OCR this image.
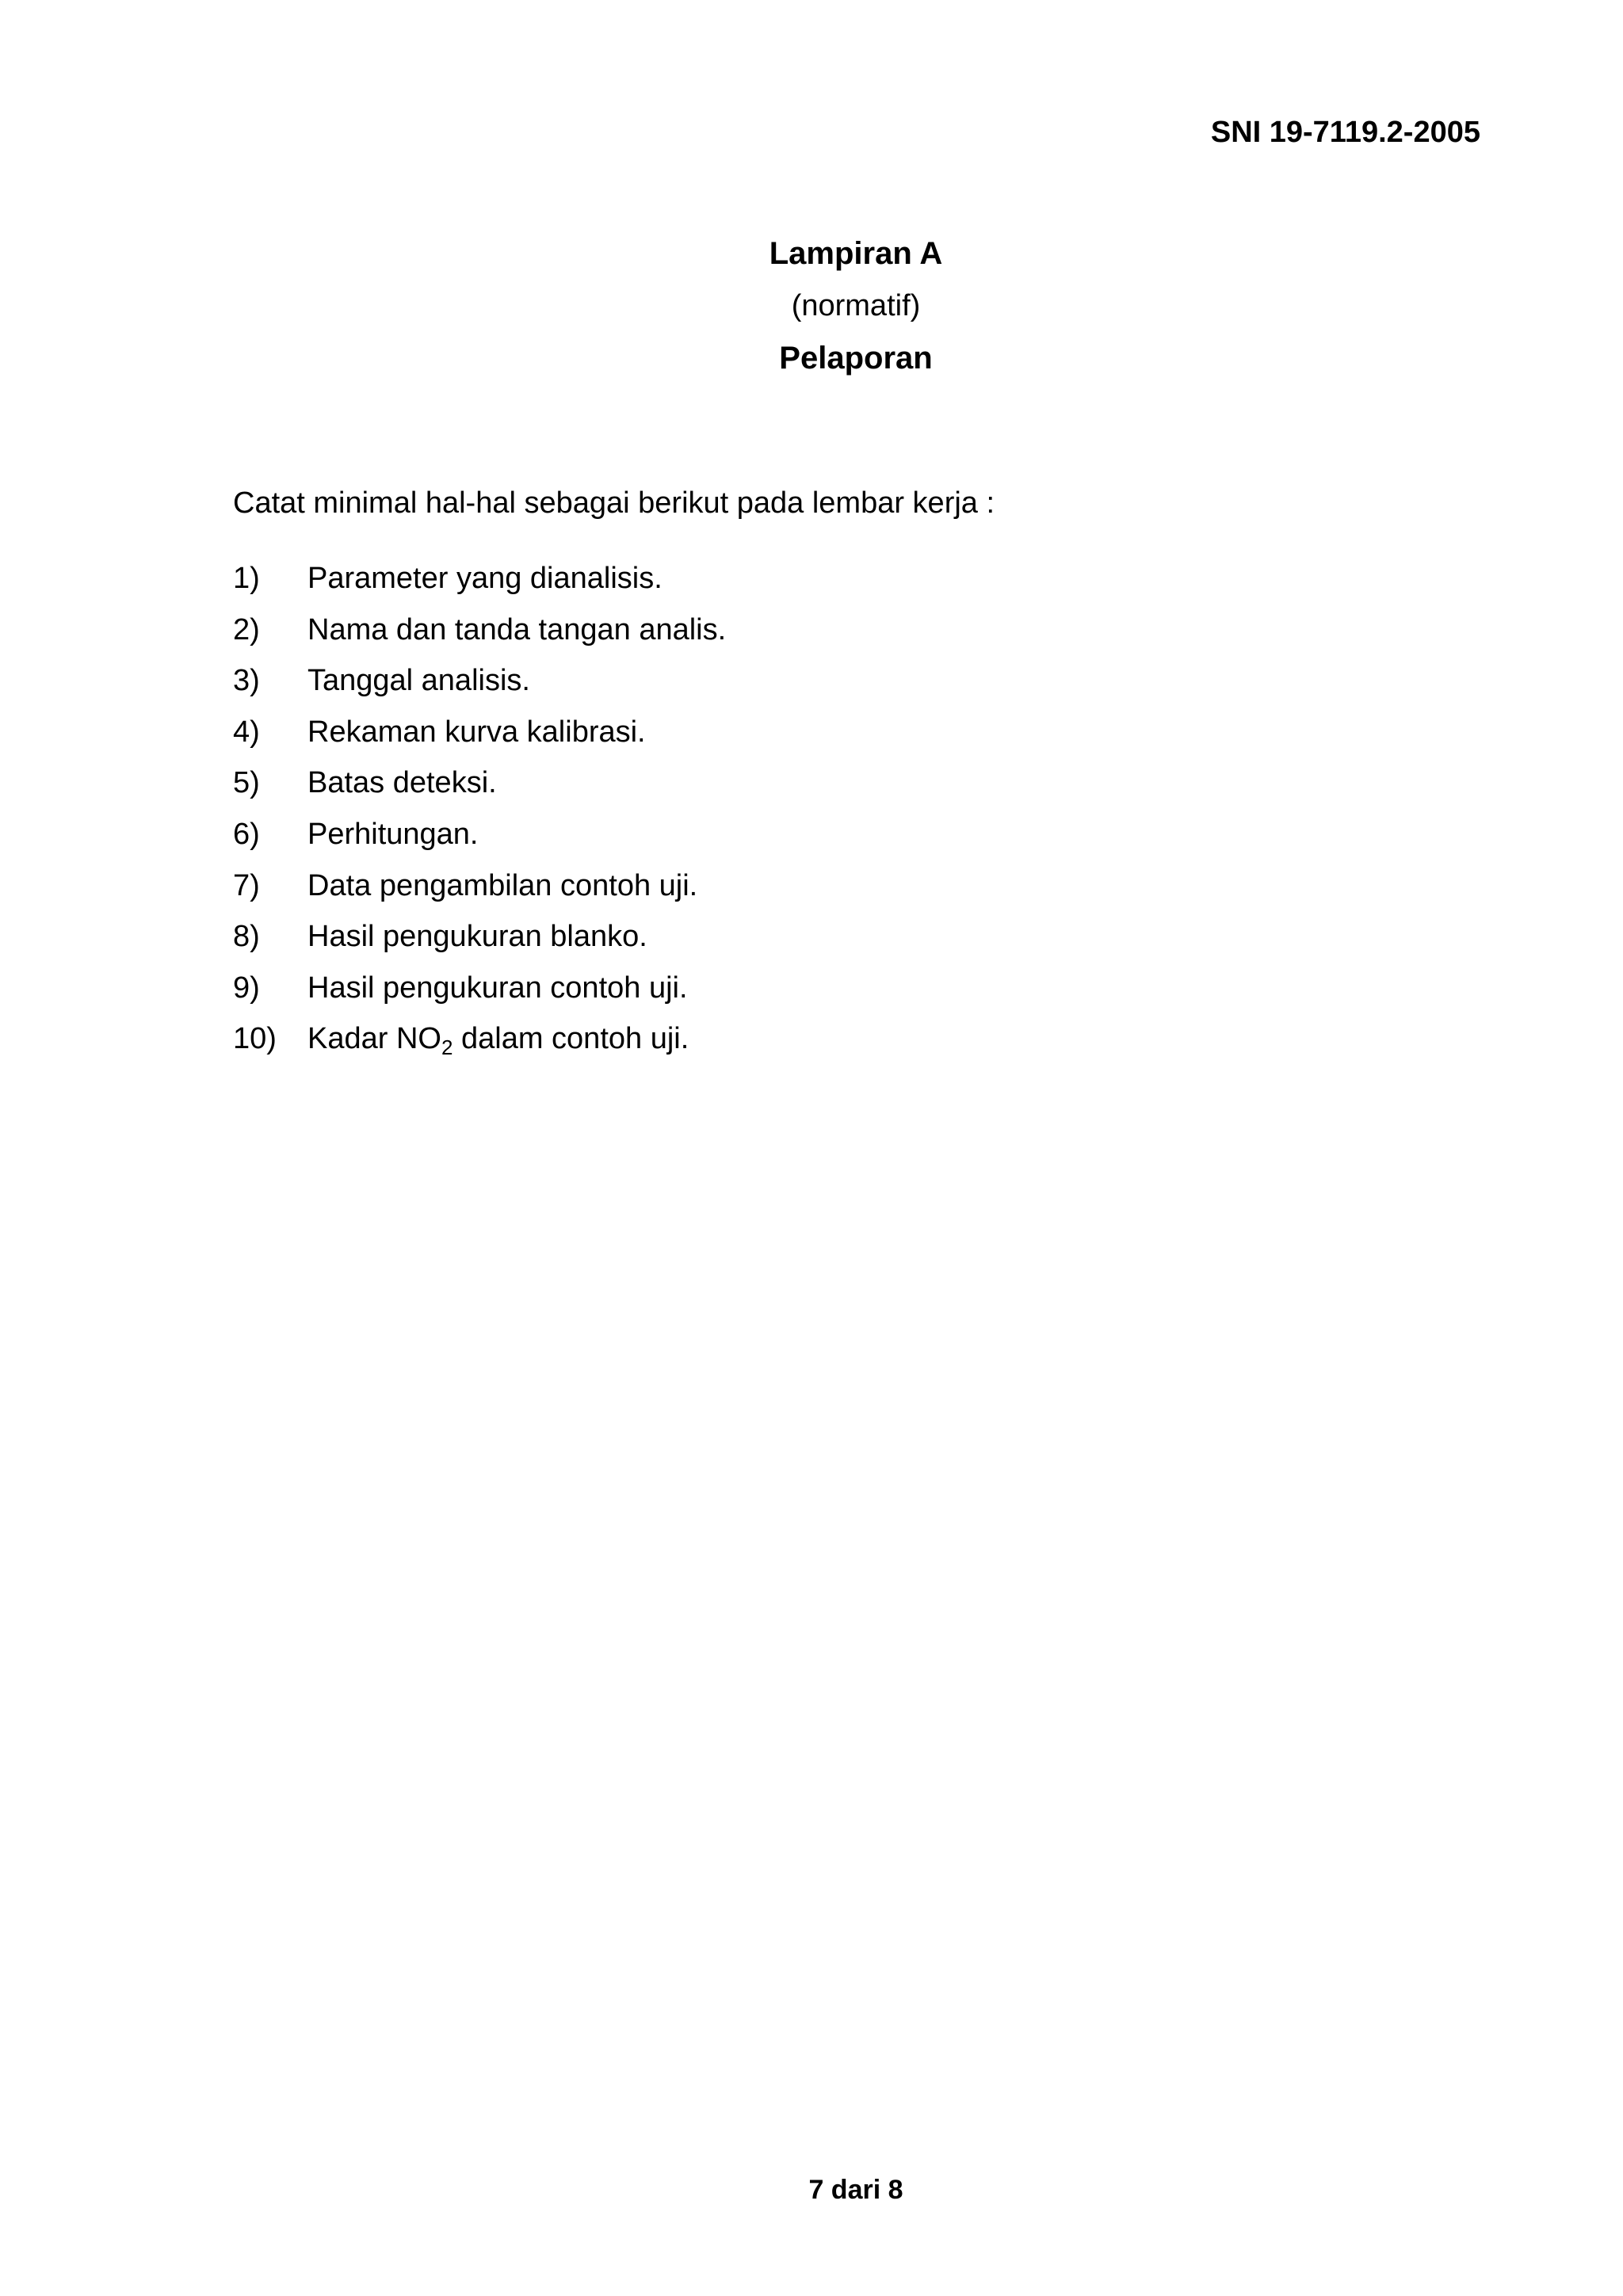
SNI 19-7119.2-2005
Lampiran A
(normatif)
Pelaporan
Catat minimal hal-hal sebagai berikut pada lembar kerja :
1) Parameter yang dianalisis.
2) Nama dan tanda tangan analis.
3) Tanggal analisis.
4) Rekaman kurva kalibrasi.
5) Batas deteksi.
6) Perhitungan.
7) Data pengambilan contoh uji.
8) Hasil pengukuran blanko.
9) Hasil pengukuran contoh uji.
10) Kadar $NO_2$ dalam contoh uji.
7 dari 8
